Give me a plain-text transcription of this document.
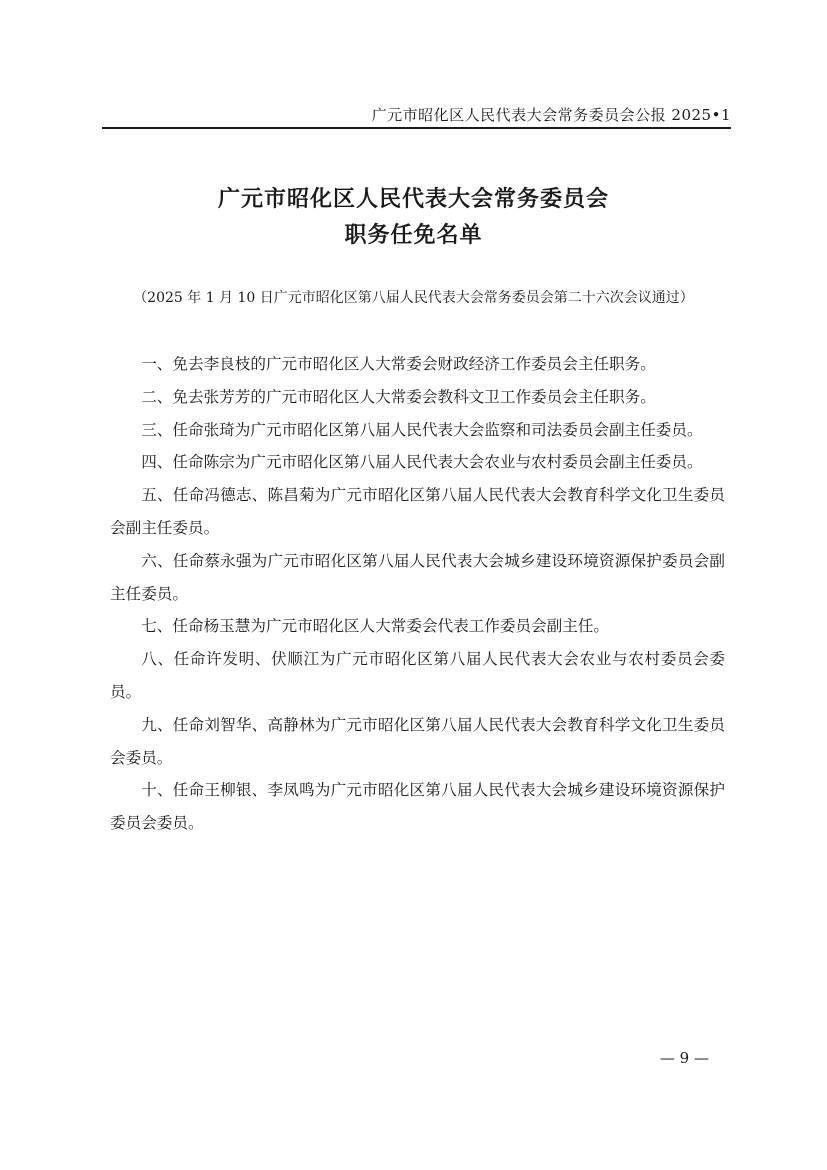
广元市昭化区人民代表大会常务委员会公报 2025•1
广元市昭化区人民代表大会常务委员会
职务任免名单
（2025 年 1 月 10 日广元市昭化区第八届人民代表大会常务委员会第二十六次会议通过）

一、免去李良枝的广元市昭化区人大常委会财政经济工作委员会主任职务。

二、免去张芳芳的广元市昭化区人大常委会教科文卫工作委员会主任职务。

三、任命张琦为广元市昭化区第八届人民代表大会监察和司法委员会副主任委员。

四、任命陈宗为广元市昭化区第八届人民代表大会农业与农村委员会副主任委员。

五、任命冯德志、陈昌菊为广元市昭化区第八届人民代表大会教育科学文化卫生委员会副主任委员。

六、任命蔡永强为广元市昭化区第八届人民代表大会城乡建设环境资源保护委员会副主任委员。

七、任命杨玉慧为广元市昭化区人大常委会代表工作委员会副主任。

八、任命许发明、伏顺江为广元市昭化区第八届人民代表大会农业与农村委员会委员。

九、任命刘智华、高静林为广元市昭化区第八届人民代表大会教育科学文化卫生委员会委员。

十、任命王柳银、李凤鸣为广元市昭化区第八届人民代表大会城乡建设环境资源保护委员会委员。

— 9 —
